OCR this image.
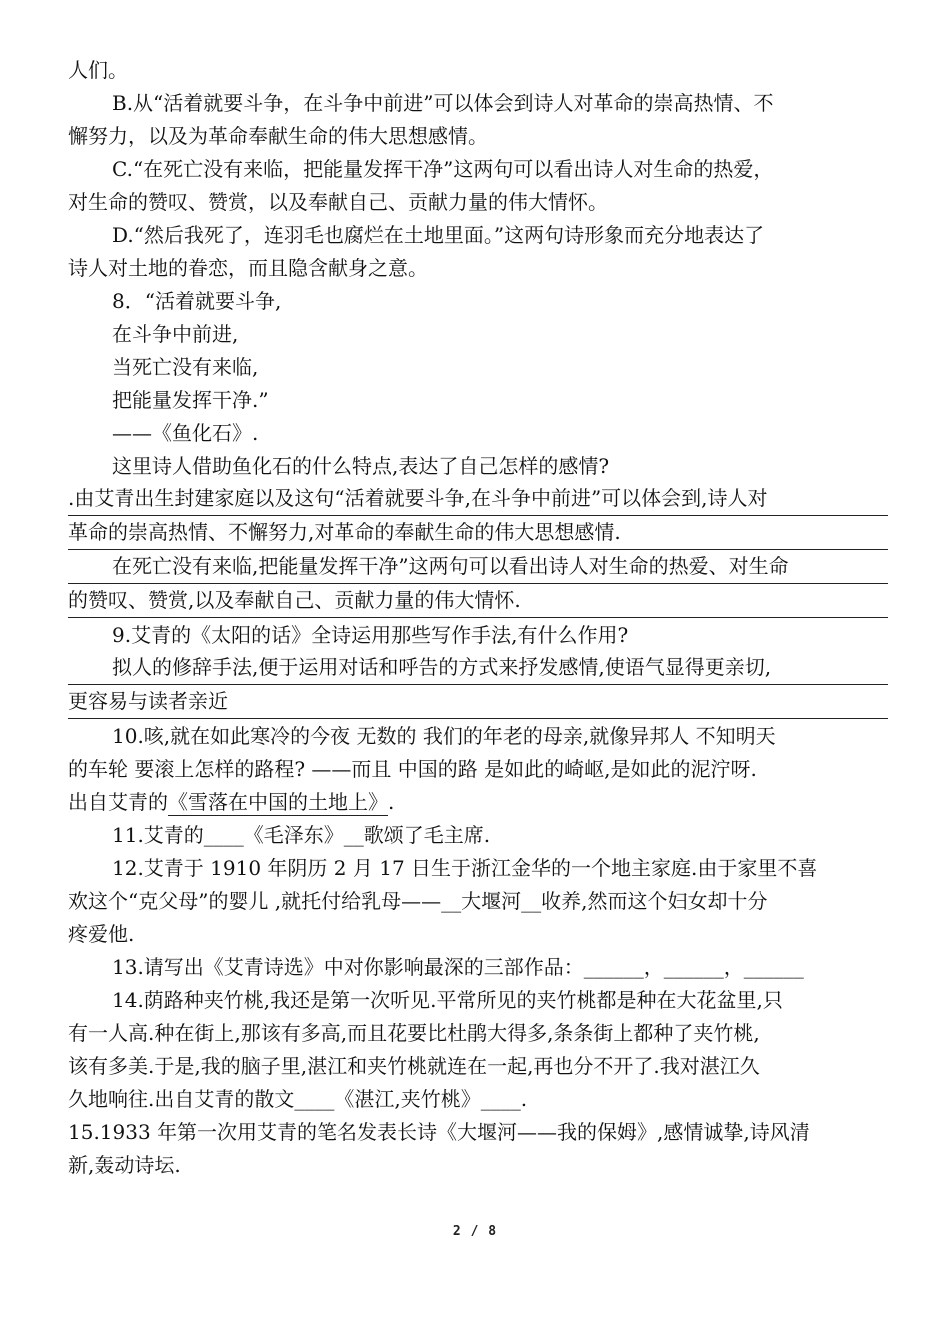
人们。
B.从“活着就要斗争，在斗争中前进”可以体会到诗人对革命的崇高热情、不
懈努力，以及为革命奉献生命的伟大思想感情。
C.“在死亡没有来临，把能量发挥干净”这两句可以看出诗人对生命的热爱，
对生命的赞叹、赞赏，以及奉献自己、贡献力量的伟大情怀。
D.“然后我死了，连羽毛也腐烂在土地里面。”这两句诗形象而充分地表达了
诗人对土地的眷恋，而且隐含献身之意。
8．“活着就要斗争,
在斗争中前进,
当死亡没有来临,
把能量发挥干净.”
——《鱼化石》.
这里诗人借助鱼化石的什么特点,表达了自己怎样的感情?
.由艾青出生封建家庭以及这句“活着就要斗争,在斗争中前进”可以体会到,诗人对
革命的崇高热情、不懈努力,对革命的奉献生命的伟大思想感情.
在死亡没有来临,把能量发挥干净”这两句可以看出诗人对生命的热爱、对生命
的赞叹、赞赏,以及奉献自己、贡献力量的伟大情怀.
9.艾青的《太阳的话》全诗运用那些写作手法,有什么作用?
拟人的修辞手法,便于运用对话和呼告的方式来抒发感情,使语气显得更亲切,
更容易与读者亲近
10.咳,就在如此寒冷的今夜 无数的 我们的年老的母亲,就像异邦人 不知明天
的车轮 要滚上怎样的路程? ——而且 中国的路 是如此的崎岖,是如此的泥泞呀.
出自艾青的《雪落在中国的土地上》.
11.艾青的____《毛泽东》__歌颂了毛主席.
12.艾青于 1910 年阴历 2 月 17 日生于浙江金华的一个地主家庭.由于家里不喜
欢这个“克父母”的婴儿 ,就托付给乳母——__大堰河__收养,然而这个妇女却十分
疼爱他.
13.请写出《艾青诗选》中对你影响最深的三部作品：______，______，______
14.荫路种夹竹桃,我还是第一次听见.平常所见的夹竹桃都是种在大花盆里,只
有一人高.种在街上,那该有多高,而且花要比杜鹃大得多,条条街上都种了夹竹桃,
该有多美.于是,我的脑子里,湛江和夹竹桃就连在一起,再也分不开了.我对湛江久
久地响往.出自艾青的散文____《湛江,夹竹桃》____.
15.1933 年第一次用艾青的笔名发表长诗《大堰河——我的保姆》,感情诚挚,诗风清
新,轰动诗坛.
2 / 8
